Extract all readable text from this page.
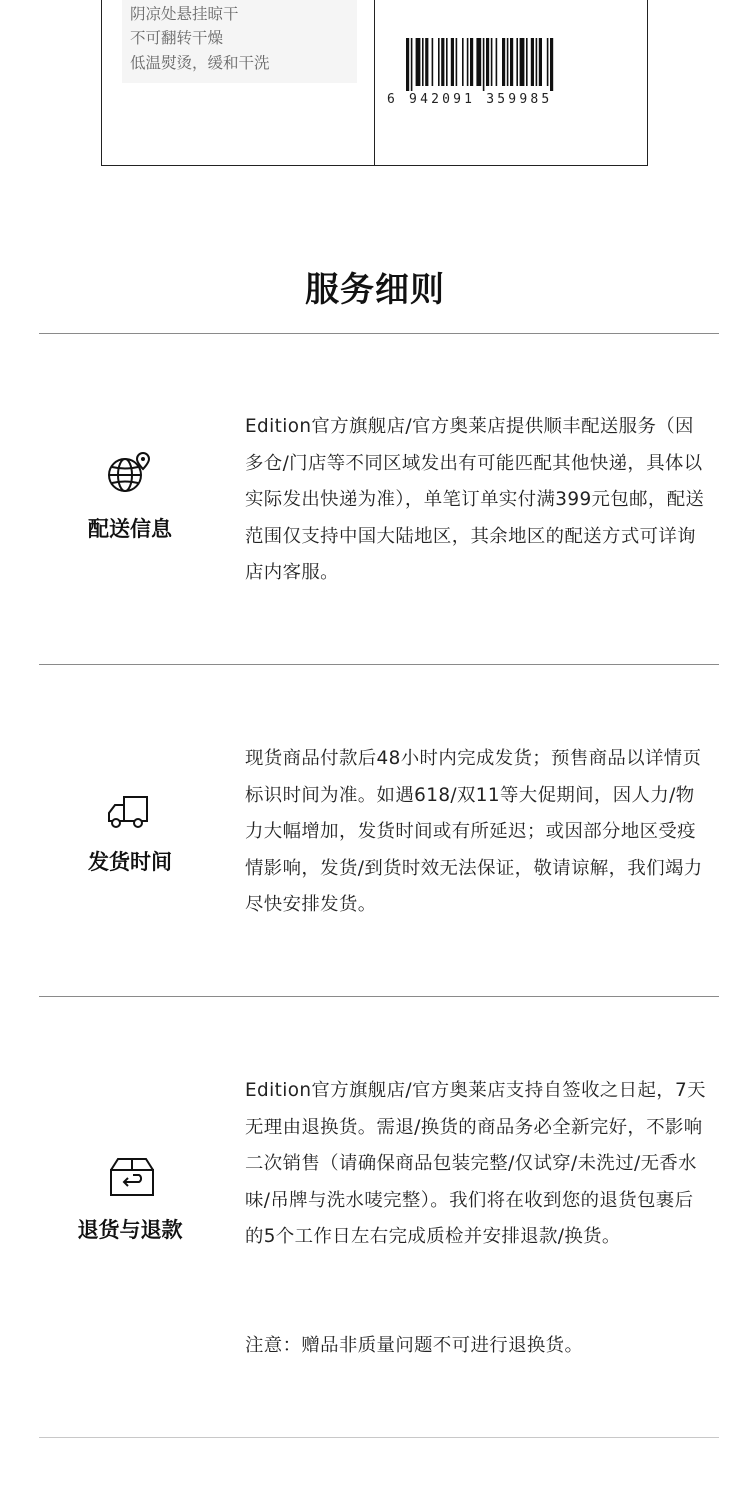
阴凉处悬挂晾干
不可翻转干燥
低温熨烫，缓和干洗
6 942091 359985
服务细则
配送信息
Edition官方旗舰店/官方奥莱店提供顺丰配送服务（因多仓/门店等不同区域发出有可能匹配其他快递，具体以实际发出快递为准），单笔订单实付满399元包邮，配送范围仅支持中国大陆地区，其余地区的配送方式可详询店内客服。
发货时间
现货商品付款后48小时内完成发货；预售商品以详情页标识时间为准。如遇618/双11等大促期间，因人力/物力大幅增加，发货时间或有所延迟；或因部分地区受疫情影响，发货/到货时效无法保证，敬请谅解，我们竭力尽快安排发货。
退货与退款
Edition官方旗舰店/官方奥莱店支持自签收之日起，7天无理由退换货。需退/换货的商品务必全新完好，不影响二次销售（请确保商品包装完整/仅试穿/未洗过/无香水味/吊牌与洗水唛完整）。我们将在收到您的退货包裹后的5个工作日左右完成质检并安排退款/换货。
注意：赠品非质量问题不可进行退换货。
